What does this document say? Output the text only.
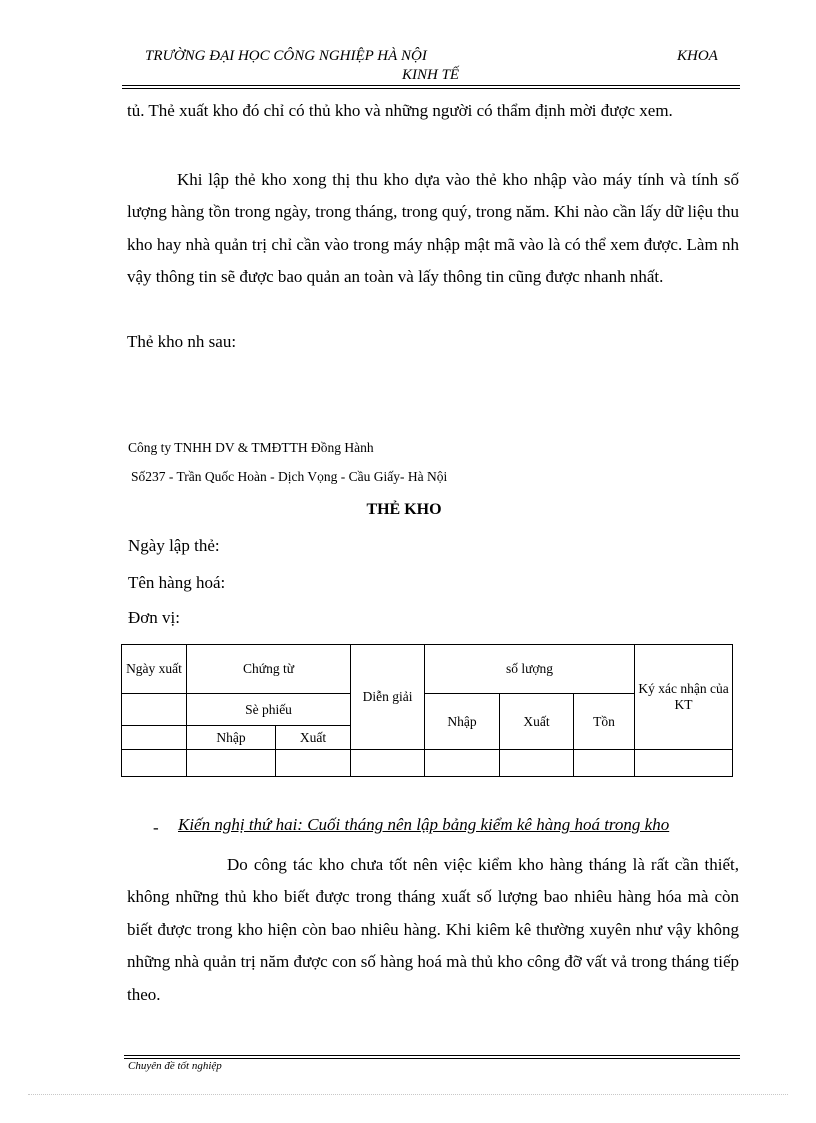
TRƯỜNG ĐẠI HỌC CÔNG NGHIỆP HÀ NỘI	KHOA
KINH TẾ
tủ. Thẻ xuất kho đó chỉ có thủ kho và những người có thẩm định mời được xem.
Khi lập thẻ kho xong thị thu kho dựa vào thẻ kho nhập vào máy tính và tính số lượng hàng tồn trong ngày, trong tháng, trong quý, trong năm. Khi nào cần lấy dữ liệu thu kho hay nhà quản trị chỉ cần vào trong máy nhập mật mã vào là có thể xem được. Làm nh vậy thông tin sẽ được bao quản an toàn và lấy thông tin cũng được nhanh nhất.
Thẻ kho nh sau:
Công ty TNHH DV & TMĐTTH Đồng Hành
Số237 - Trần Quốc Hoàn - Dịch Vọng - Cầu Giấy- Hà Nội
THẺ KHO
Ngày lập thẻ:
Tên hàng hoá:
Đơn vị:
Ngày xuất	Chứng từ		Diễn giải	số lượng			Ký xác nhận của KT
	Sè phiếu			Nhập	Xuất	Tồn	
	Nhập	Xuất					

- Kiến nghị thứ hai: Cuối tháng nên lập bảng kiểm kê hàng hoá trong kho
Do công tác kho chưa tốt nên việc kiểm kho hàng tháng là rất cần thiết, không những thủ kho biết được trong tháng xuất số lượng bao nhiêu hàng hóa mà còn biết được trong kho hiện còn bao nhiêu hàng. Khi kiêm kê thường xuyên như vậy không những nhà quản trị năm được con số hàng hoá mà thủ kho công đỡ vất vả trong tháng tiếp theo.
Chuyên đề tốt nghiệp
